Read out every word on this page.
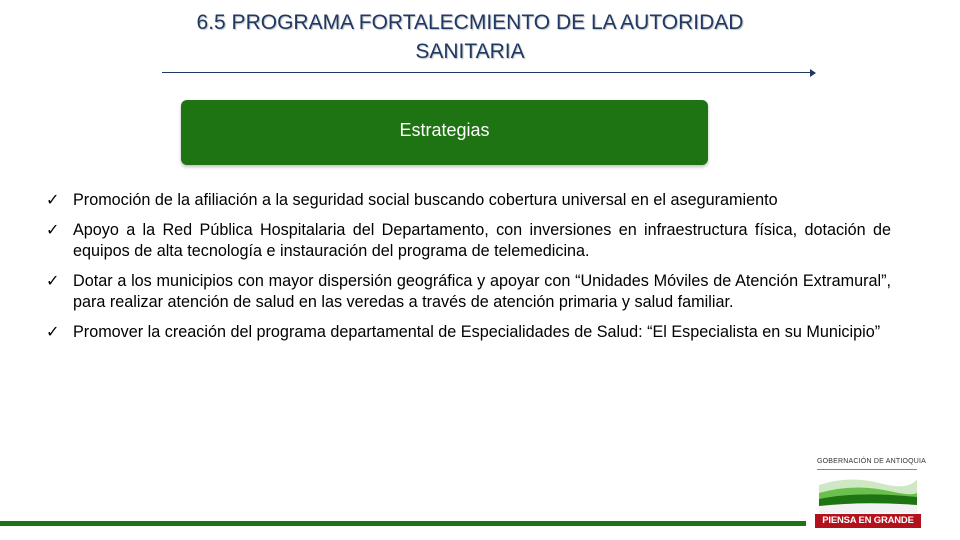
6.5 PROGRAMA FORTALECMIENTO DE LA AUTORIDAD
SANITARIA
Estrategias
✓ Promoción de la afiliación a la seguridad social buscando cobertura universal en el aseguramiento
✓ Apoyo a la Red Pública Hospitalaria del Departamento, con inversiones en infraestructura física, dotación de equipos de alta tecnología e instauración del programa de telemedicina.
✓ Dotar a los municipios con mayor dispersión geográfica y apoyar con “Unidades Móviles de Atención Extramural”, para realizar atención de salud en las veredas a través de atención primaria y salud familiar.
✓ Promover la creación del programa departamental de Especialidades de Salud: “El Especialista en su Municipio”
GOBERNACIÓN DE ANTIOQUIA
PIENSA EN GRANDE
